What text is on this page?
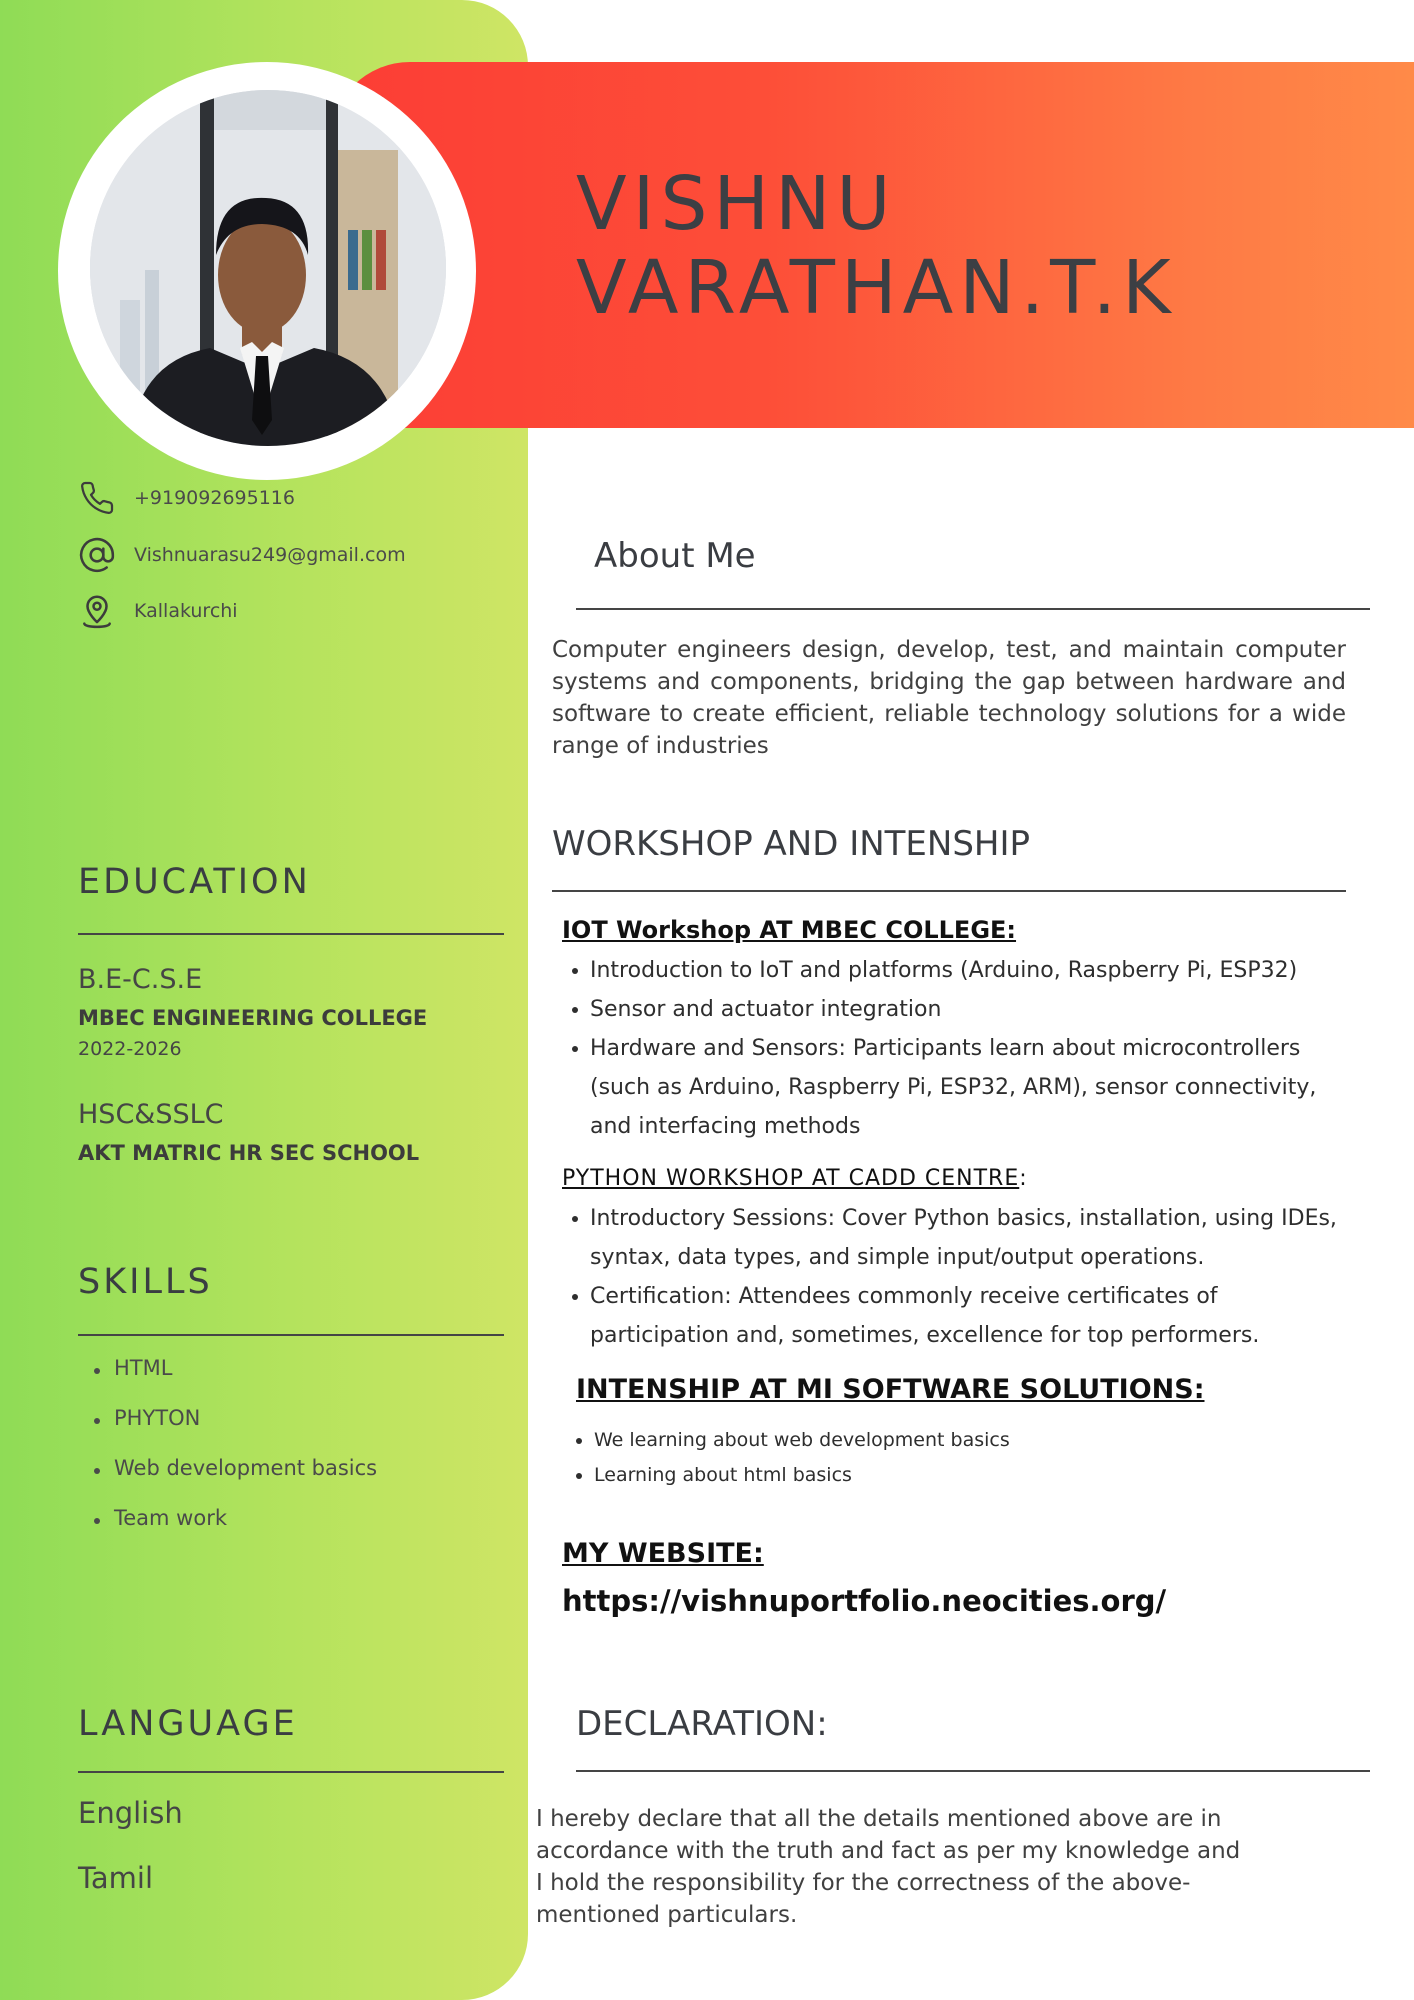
VISHNU
VARATHAN.T.K
+919092695116
Vishnuarasu249@gmail.com
Kallakurchi
EDUCATION
B.E-C.S.E
MBEC ENGINEERING COLLEGE
2022-2026
HSC&SSLC
AKT MATRIC HR SEC SCHOOL
SKILLS
HTML
PHYTON
Web development basics
Team work
LANGUAGE
English
Tamil
About Me

Computer engineers design, develop, test, and maintain computer systems and components, bridging the gap between hardware and software to create efficient, reliable technology solutions for a wide range of industries

WORKSHOP AND INTENSHIP
IOT Workshop AT MBEC COLLEGE:
Introduction to IoT and platforms (Arduino, Raspberry Pi, ESP32)
Sensor and actuator integration
Hardware and Sensors: Participants learn about microcontrollers (such as Arduino, Raspberry Pi, ESP32, ARM), sensor connectivity, and interfacing methods
PYTHON WORKSHOP AT CADD CENTRE:
Introductory Sessions: Cover Python basics, installation, using IDEs, syntax, data types, and simple input/output operations.
Certification: Attendees commonly receive certificates of participation and, sometimes, excellence for top performers.
INTENSHIP AT MI SOFTWARE SOLUTIONS:
We learning about web development basics
Learning about html basics
MY WEBSITE:
https://vishnuportfolio.neocities.org/
DECLARATION:

I hereby declare that all the details mentioned above are in accordance with the truth and fact as per my knowledge and I hold the responsibility for the correctness of the above-mentioned particulars.
